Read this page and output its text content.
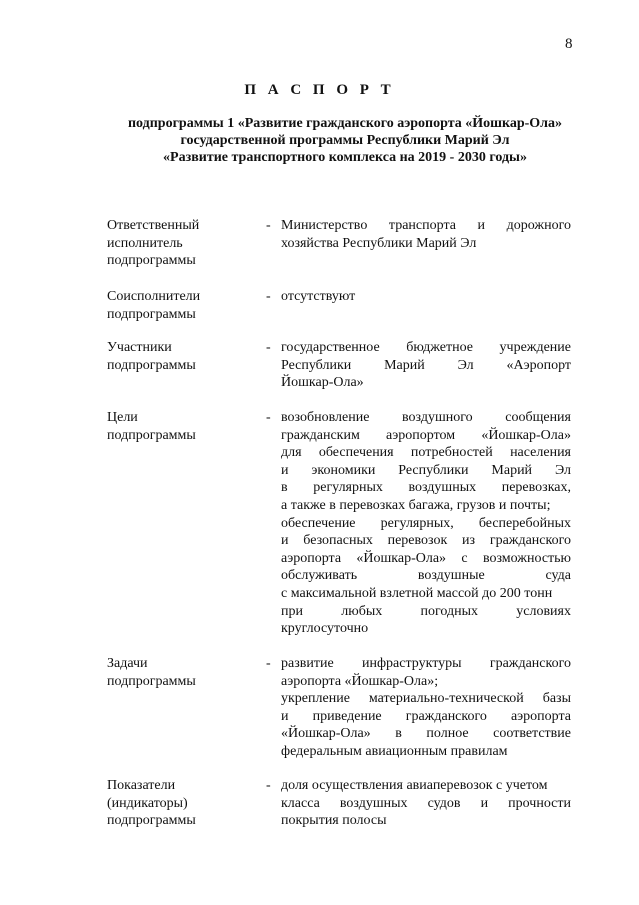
8
П А С П О Р Т
подпрограммы 1 «Развитие гражданского аэропорта «Йошкар-Ола»
государственной программы Республики Марий Эл
«Развитие транспортного комплекса на 2019 - 2030 годы»
Ответственный
исполнитель
подпрограммы
- Министерство транспорта и дорожного
хозяйства Республики Марий Эл
Соисполнители
подпрограммы
- отсутствуют
Участники
подпрограммы
- государственное бюджетное учреждение
Республики Марий Эл «Аэропорт
Йошкар-Ола»
Цели
подпрограммы
- возобновление воздушного сообщения
гражданским аэропортом «Йошкар-Ола»
для обеспечения потребностей населения
и экономики Республики Марий Эл
в регулярных воздушных перевозках,
а также в перевозках багажа, грузов и почты;
обеспечение регулярных, бесперебойных
и безопасных перевозок из гражданского
аэропорта «Йошкар-Ола» с возможностью
обслуживать воздушные суда
с максимальной взлетной массой до 200 тонн
при любых погодных условиях
круглосуточно
Задачи
подпрограммы
- развитие инфраструктуры гражданского
аэропорта «Йошкар-Ола»;
укрепление материально-технической базы
и приведение гражданского аэропорта
«Йошкар-Ола» в полное соответствие
федеральным авиационным правилам
Показатели
(индикаторы)
подпрограммы
- доля осуществления авиаперевозок с учетом
класса воздушных судов и прочности
покрытия полосы
